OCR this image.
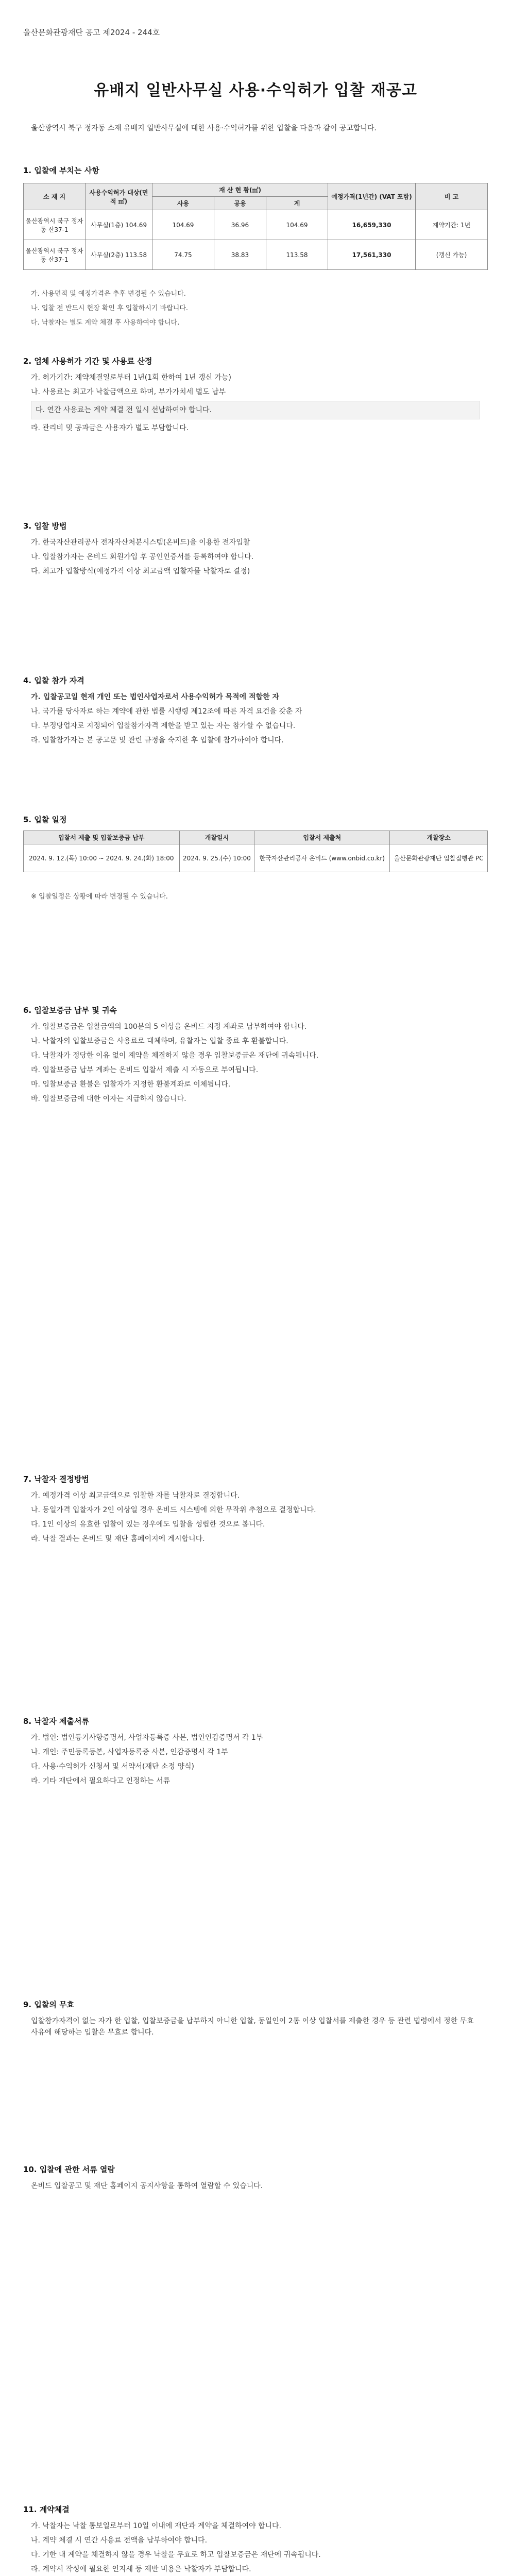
울산문화관광재단 공고 제2024 - 244호
유배지 일반사무실 사용·수익허가 입찰 재공고
울산광역시 북구 정자동 소재 유배지 일반사무실에 대한 사용·수익허가를 위한 입찰을 다음과 같이 공고합니다.
1. 입찰에 부치는 사항
소 재 지	사용수익허가 대상(면적 ㎡)	재 산 현 황(㎡)			예정가격(1년간) (VAT 포함)	비 고
		사용	공용	계		
울산광역시 북구 정자동 산37-1	사무실(1층) 104.69	104.69	36.96	104.69	16,659,330	계약기간: 1년
울산광역시 북구 정자동 산37-1	사무실(2층) 113.58	74.75	38.83	113.58	17,561,330	(갱신 가능)
가. 사용면적 및 예정가격은 추후 변경될 수 있습니다.
나. 입찰 전 반드시 현장 확인 후 입찰하시기 바랍니다.
다. 낙찰자는 별도 계약 체결 후 사용하여야 합니다.
2. 업체 사용허가 기간 및 사용료 산정
가. 허가기간: 계약체결일로부터 1년(1회 한하여 1년 갱신 가능)
나. 사용료는 최고가 낙찰금액으로 하며, 부가가치세 별도 납부
다. 연간 사용료는 계약 체결 전 일시 선납하여야 합니다.
라. 관리비 및 공과금은 사용자가 별도 부담합니다.
3. 입찰 방법
가. 한국자산관리공사 전자자산처분시스템(온비드)을 이용한 전자입찰
나. 입찰참가자는 온비드 회원가입 후 공인인증서를 등록하여야 합니다.
다. 최고가 입찰방식(예정가격 이상 최고금액 입찰자를 낙찰자로 결정)
4. 입찰 참가 자격
가. 입찰공고일 현재 개인 또는 법인사업자로서 사용수익허가 목적에 적합한 자
나. 국가를 당사자로 하는 계약에 관한 법률 시행령 제12조에 따른 자격 요건을 갖춘 자
다. 부정당업자로 지정되어 입찰참가자격 제한을 받고 있는 자는 참가할 수 없습니다.
라. 입찰참가자는 본 공고문 및 관련 규정을 숙지한 후 입찰에 참가하여야 합니다.
5. 입찰 일정
입찰서 제출 및 입찰보증금 납부	개찰일시	입찰서 제출처	개찰장소
2024. 9. 12.(목) 10:00 ~ 2024. 9. 24.(화) 18:00	2024. 9. 25.(수) 10:00	한국자산관리공사 온비드 (www.onbid.co.kr)	울산문화관광재단 입찰집행관 PC
※ 입찰일정은 상황에 따라 변경될 수 있습니다.
6. 입찰보증금 납부 및 귀속
가. 입찰보증금은 입찰금액의 100분의 5 이상을 온비드 지정 계좌로 납부하여야 합니다.
나. 낙찰자의 입찰보증금은 사용료로 대체하며, 유찰자는 입찰 종료 후 환불합니다.
다. 낙찰자가 정당한 이유 없이 계약을 체결하지 않을 경우 입찰보증금은 재단에 귀속됩니다.
라. 입찰보증금 납부 계좌는 온비드 입찰서 제출 시 자동으로 부여됩니다.
마. 입찰보증금 환불은 입찰자가 지정한 환불계좌로 이체됩니다.
바. 입찰보증금에 대한 이자는 지급하지 않습니다.
7. 낙찰자 결정방법
가. 예정가격 이상 최고금액으로 입찰한 자를 낙찰자로 결정합니다.
나. 동일가격 입찰자가 2인 이상일 경우 온비드 시스템에 의한 무작위 추첨으로 결정합니다.
다. 1인 이상의 유효한 입찰이 있는 경우에도 입찰을 성립한 것으로 봅니다.
라. 낙찰 결과는 온비드 및 재단 홈페이지에 게시합니다.
8. 낙찰자 제출서류
가. 법인: 법인등기사항증명서, 사업자등록증 사본, 법인인감증명서 각 1부
나. 개인: 주민등록등본, 사업자등록증 사본, 인감증명서 각 1부
다. 사용·수익허가 신청서 및 서약서(재단 소정 양식)
라. 기타 재단에서 필요하다고 인정하는 서류
9. 입찰의 무효
입찰참가자격이 없는 자가 한 입찰, 입찰보증금을 납부하지 아니한 입찰, 동일인이 2통 이상 입찰서를 제출한 경우 등 관련 법령에서 정한 무효 사유에 해당하는 입찰은 무효로 합니다.
10. 입찰에 관한 서류 열람
온비드 입찰공고 및 재단 홈페이지 공지사항을 통하여 열람할 수 있습니다.
11. 계약체결
가. 낙찰자는 낙찰 통보일로부터 10일 이내에 재단과 계약을 체결하여야 합니다.
나. 계약 체결 시 연간 사용료 전액을 납부하여야 합니다.
다. 기한 내 계약을 체결하지 않을 경우 낙찰을 무효로 하고 입찰보증금은 재단에 귀속됩니다.
라. 계약서 작성에 필요한 인지세 등 제반 비용은 낙찰자가 부담합니다.
